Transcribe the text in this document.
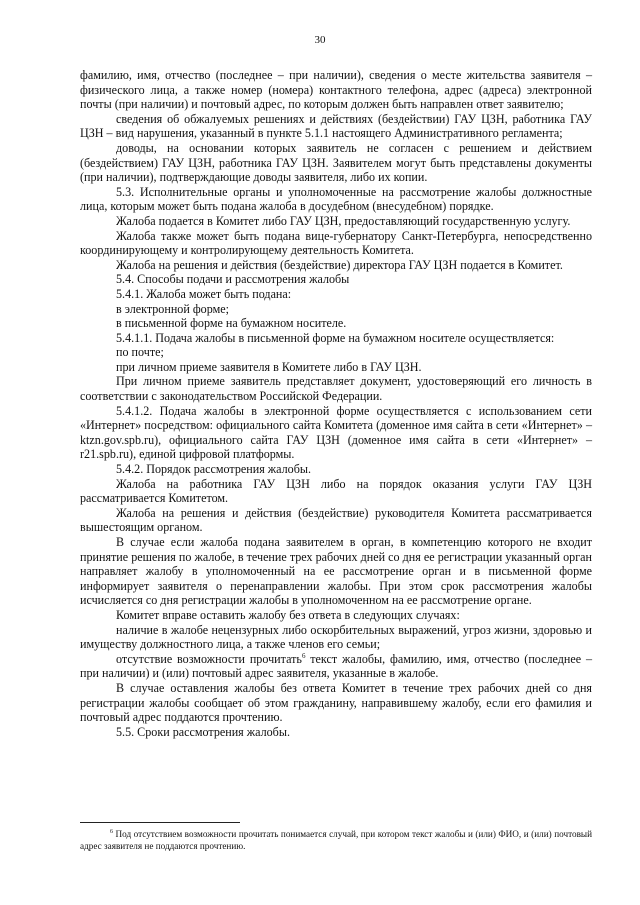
30

фамилию, имя, отчество (последнее – при наличии), сведения о месте жительства заявителя – физического лица, а также номер (номера) контактного телефона, адрес (адреса) электронной почты (при наличии) и почтовый адрес, по которым должен быть направлен ответ заявителю;

сведения об обжалуемых решениях и действиях (бездействии) ГАУ ЦЗН, работника ГАУ ЦЗН – вид нарушения, указанный в пункте 5.1.1 настоящего Административного регламента;

доводы, на основании которых заявитель не согласен с решением и действием (бездействием) ГАУ ЦЗН, работника ГАУ ЦЗН. Заявителем могут быть представлены документы (при наличии), подтверждающие доводы заявителя, либо их копии.

5.3. Исполнительные органы и уполномоченные на рассмотрение жалобы должностные лица, которым может быть подана жалоба в досудебном (внесудебном) порядке.

Жалоба подается в Комитет либо ГАУ ЦЗН, предоставляющий государственную услугу.

Жалоба также может быть подана вице-губернатору Санкт-Петербурга, непосредственно координирующему и контролирующему деятельность Комитета.

Жалоба на решения и действия (бездействие) директора ГАУ ЦЗН подается в Комитет.

5.4. Способы подачи и рассмотрения жалобы

5.4.1. Жалоба может быть подана:

в электронной форме;

в письменной форме на бумажном носителе.

5.4.1.1. Подача жалобы в письменной форме на бумажном носителе осуществляется:

по почте;

при личном приеме заявителя в Комитете либо в ГАУ ЦЗН.

При личном приеме заявитель представляет документ, удостоверяющий его личность в соответствии с законодательством Российской Федерации.

5.4.1.2. Подача жалобы в электронной форме осуществляется с использованием сети «Интернет» посредством: официального сайта Комитета (доменное имя сайта в сети «Интернет» – ktzn.gov.spb.ru), официального сайта ГАУ ЦЗН (доменное имя сайта в сети «Интернет» – r21.spb.ru), единой цифровой платформы.

5.4.2. Порядок рассмотрения жалобы.

Жалоба на работника ГАУ ЦЗН либо на порядок оказания услуги ГАУ ЦЗН рассматривается Комитетом.

Жалоба на решения и действия (бездействие) руководителя Комитета рассматривается вышестоящим органом.

В случае если жалоба подана заявителем в орган, в компетенцию которого не входит принятие решения по жалобе, в течение трех рабочих дней со дня ее регистрации указанный орган направляет жалобу в уполномоченный на ее рассмотрение орган и в письменной форме информирует заявителя о перенаправлении жалобы. При этом срок рассмотрения жалобы исчисляется со дня регистрации жалобы в уполномоченном на ее рассмотрение органе.

Комитет вправе оставить жалобу без ответа в следующих случаях:

наличие в жалобе нецензурных либо оскорбительных выражений, угроз жизни, здоровью и имуществу должностного лица, а также членов его семьи;

отсутствие возможности прочитать$^6$ текст жалобы, фамилию, имя, отчество (последнее – при наличии) и (или) почтовый адрес заявителя, указанные в жалобе.

В случае оставления жалобы без ответа Комитет в течение трех рабочих дней со дня регистрации жалобы сообщает об этом гражданину, направившему жалобу, если его фамилия и почтовый адрес поддаются прочтению.

5.5. Сроки рассмотрения жалобы.

$^6$ Под отсутствием возможности прочитать понимается случай, при котором текст жалобы и (или) ФИО, и (или) почтовый адрес заявителя не поддаются прочтению.
